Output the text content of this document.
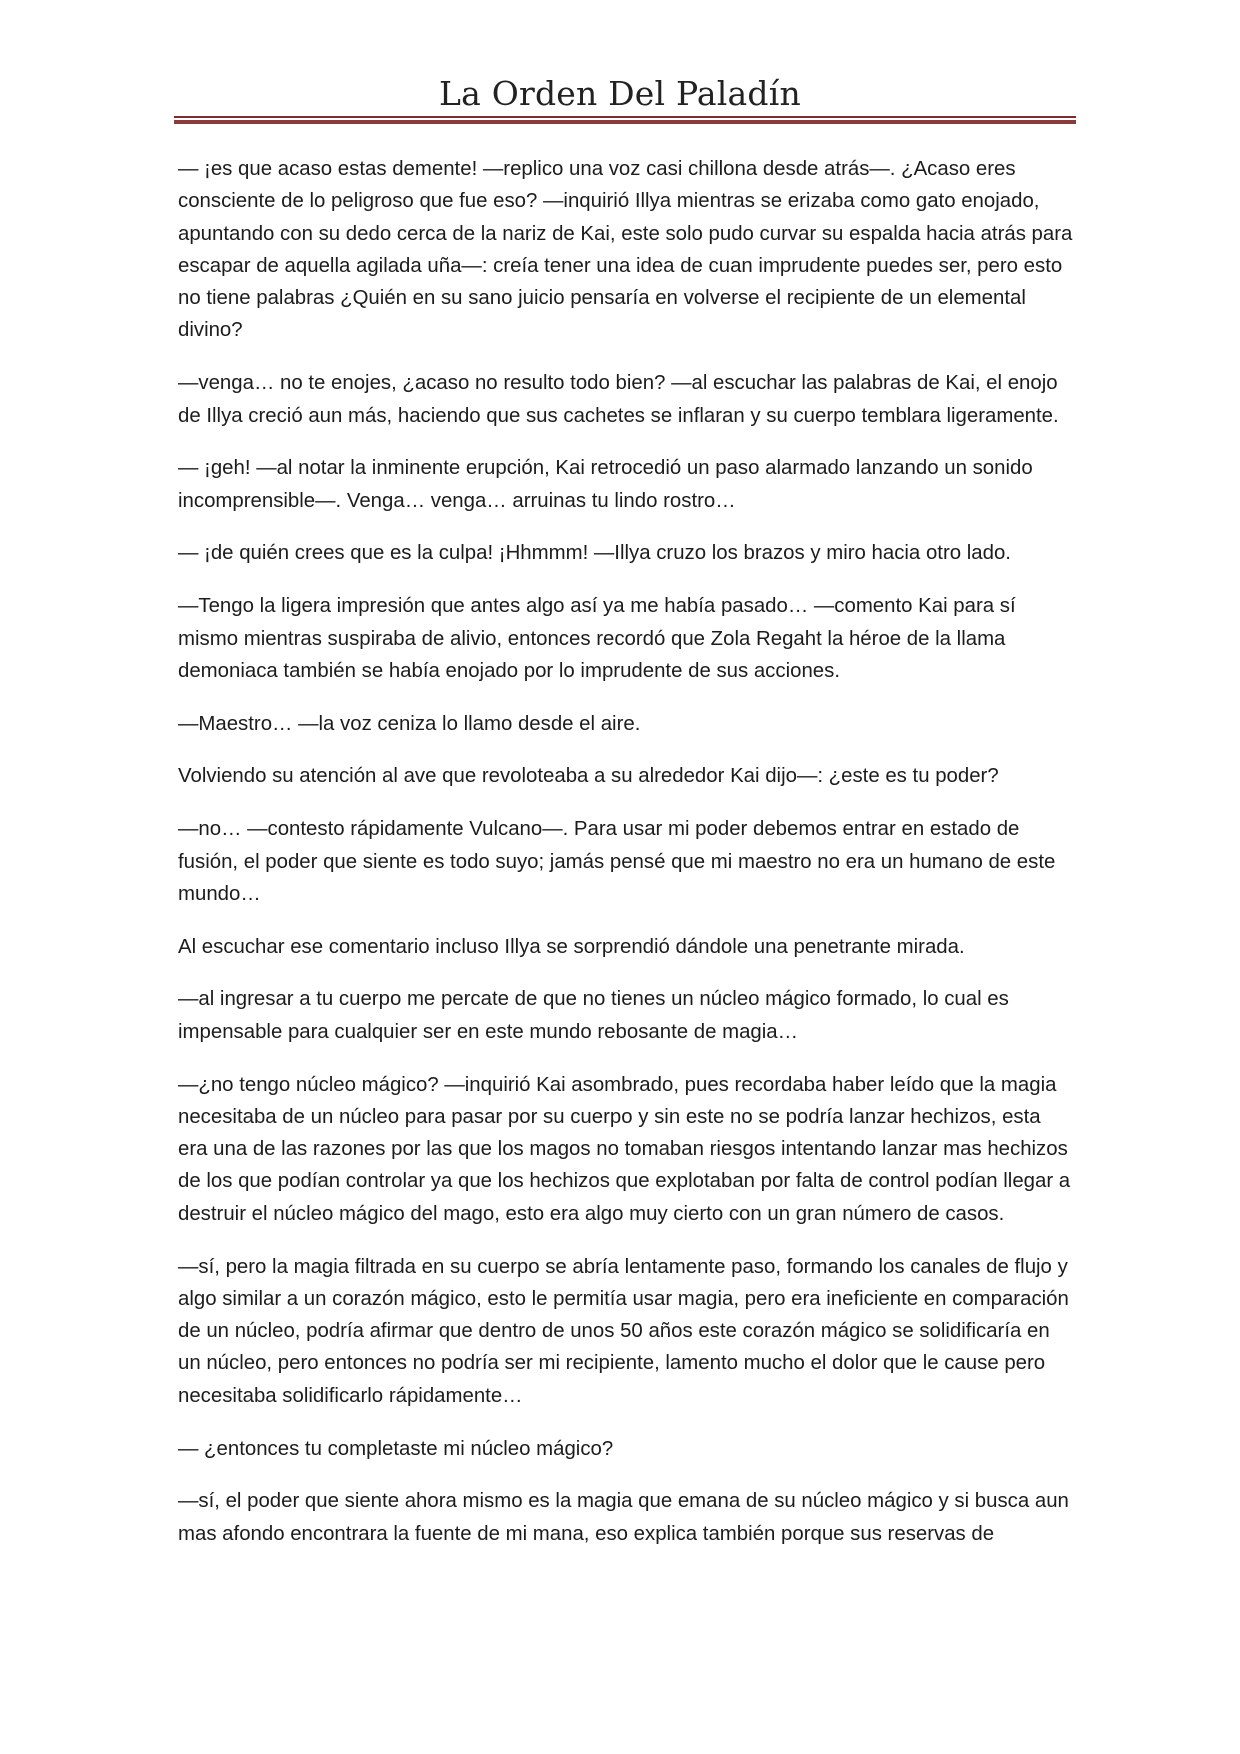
La Orden Del Paladín

— ¡es que acaso estas demente! —replico una voz casi chillona desde atrás—. ¿Acaso eres consciente de lo peligroso que fue eso? —inquirió Illya mientras se erizaba como gato enojado, apuntando con su dedo cerca de la nariz de Kai, este solo pudo curvar su espalda hacia atrás para escapar de aquella agilada uña—: creía tener una idea de cuan imprudente puedes ser, pero esto no tiene palabras ¿Quién en su sano juicio pensaría en volverse el recipiente de un elemental divino?

—venga… no te enojes, ¿acaso no resulto todo bien? —al escuchar las palabras de Kai, el enojo de Illya creció aun más, haciendo que sus cachetes se inflaran y su cuerpo temblara ligeramente.

— ¡geh! —al notar la inminente erupción, Kai retrocedió un paso alarmado lanzando un sonido incomprensible—. Venga… venga… arruinas tu lindo rostro…

— ¡de quién crees que es la culpa! ¡Hhmmm! —Illya cruzo los brazos y miro hacia otro lado.

—Tengo la ligera impresión que antes algo así ya me había pasado… —comento Kai para sí mismo mientras suspiraba de alivio, entonces recordó que Zola Regaht la héroe de la llama demoniaca también se había enojado por lo imprudente de sus acciones.

—Maestro… —la voz ceniza lo llamo desde el aire.

Volviendo su atención al ave que revoloteaba a su alrededor Kai dijo—: ¿este es tu poder?

—no… —contesto rápidamente Vulcano—. Para usar mi poder debemos entrar en estado de fusión, el poder que siente es todo suyo; jamás pensé que mi maestro no era un humano de este mundo…

Al escuchar ese comentario incluso Illya se sorprendió dándole una penetrante mirada.

—al ingresar a tu cuerpo me percate de que no tienes un núcleo mágico formado, lo cual es impensable para cualquier ser en este mundo rebosante de magia…

—¿no tengo núcleo mágico? —inquirió Kai asombrado, pues recordaba haber leído que la magia necesitaba de un núcleo para pasar por su cuerpo y sin este no se podría lanzar hechizos, esta era una de las razones por las que los magos no tomaban riesgos intentando lanzar mas hechizos de los que podían controlar ya que los hechizos que explotaban por falta de control podían llegar a destruir el núcleo mágico del mago, esto era algo muy cierto con un gran número de casos.

—sí, pero la magia filtrada en su cuerpo se abría lentamente paso, formando los canales de flujo y algo similar a un corazón mágico, esto le permitía usar magia, pero era ineficiente en comparación de un núcleo, podría afirmar que dentro de unos 50 años este corazón mágico se solidificaría en un núcleo, pero entonces no podría ser mi recipiente, lamento mucho el dolor que le cause pero necesitaba solidificarlo rápidamente…

— ¿entonces tu completaste mi núcleo mágico?

—sí, el poder que siente ahora mismo es la magia que emana de su núcleo mágico y si busca aun mas afondo encontrara la fuente de mi mana, eso explica también porque sus reservas de
